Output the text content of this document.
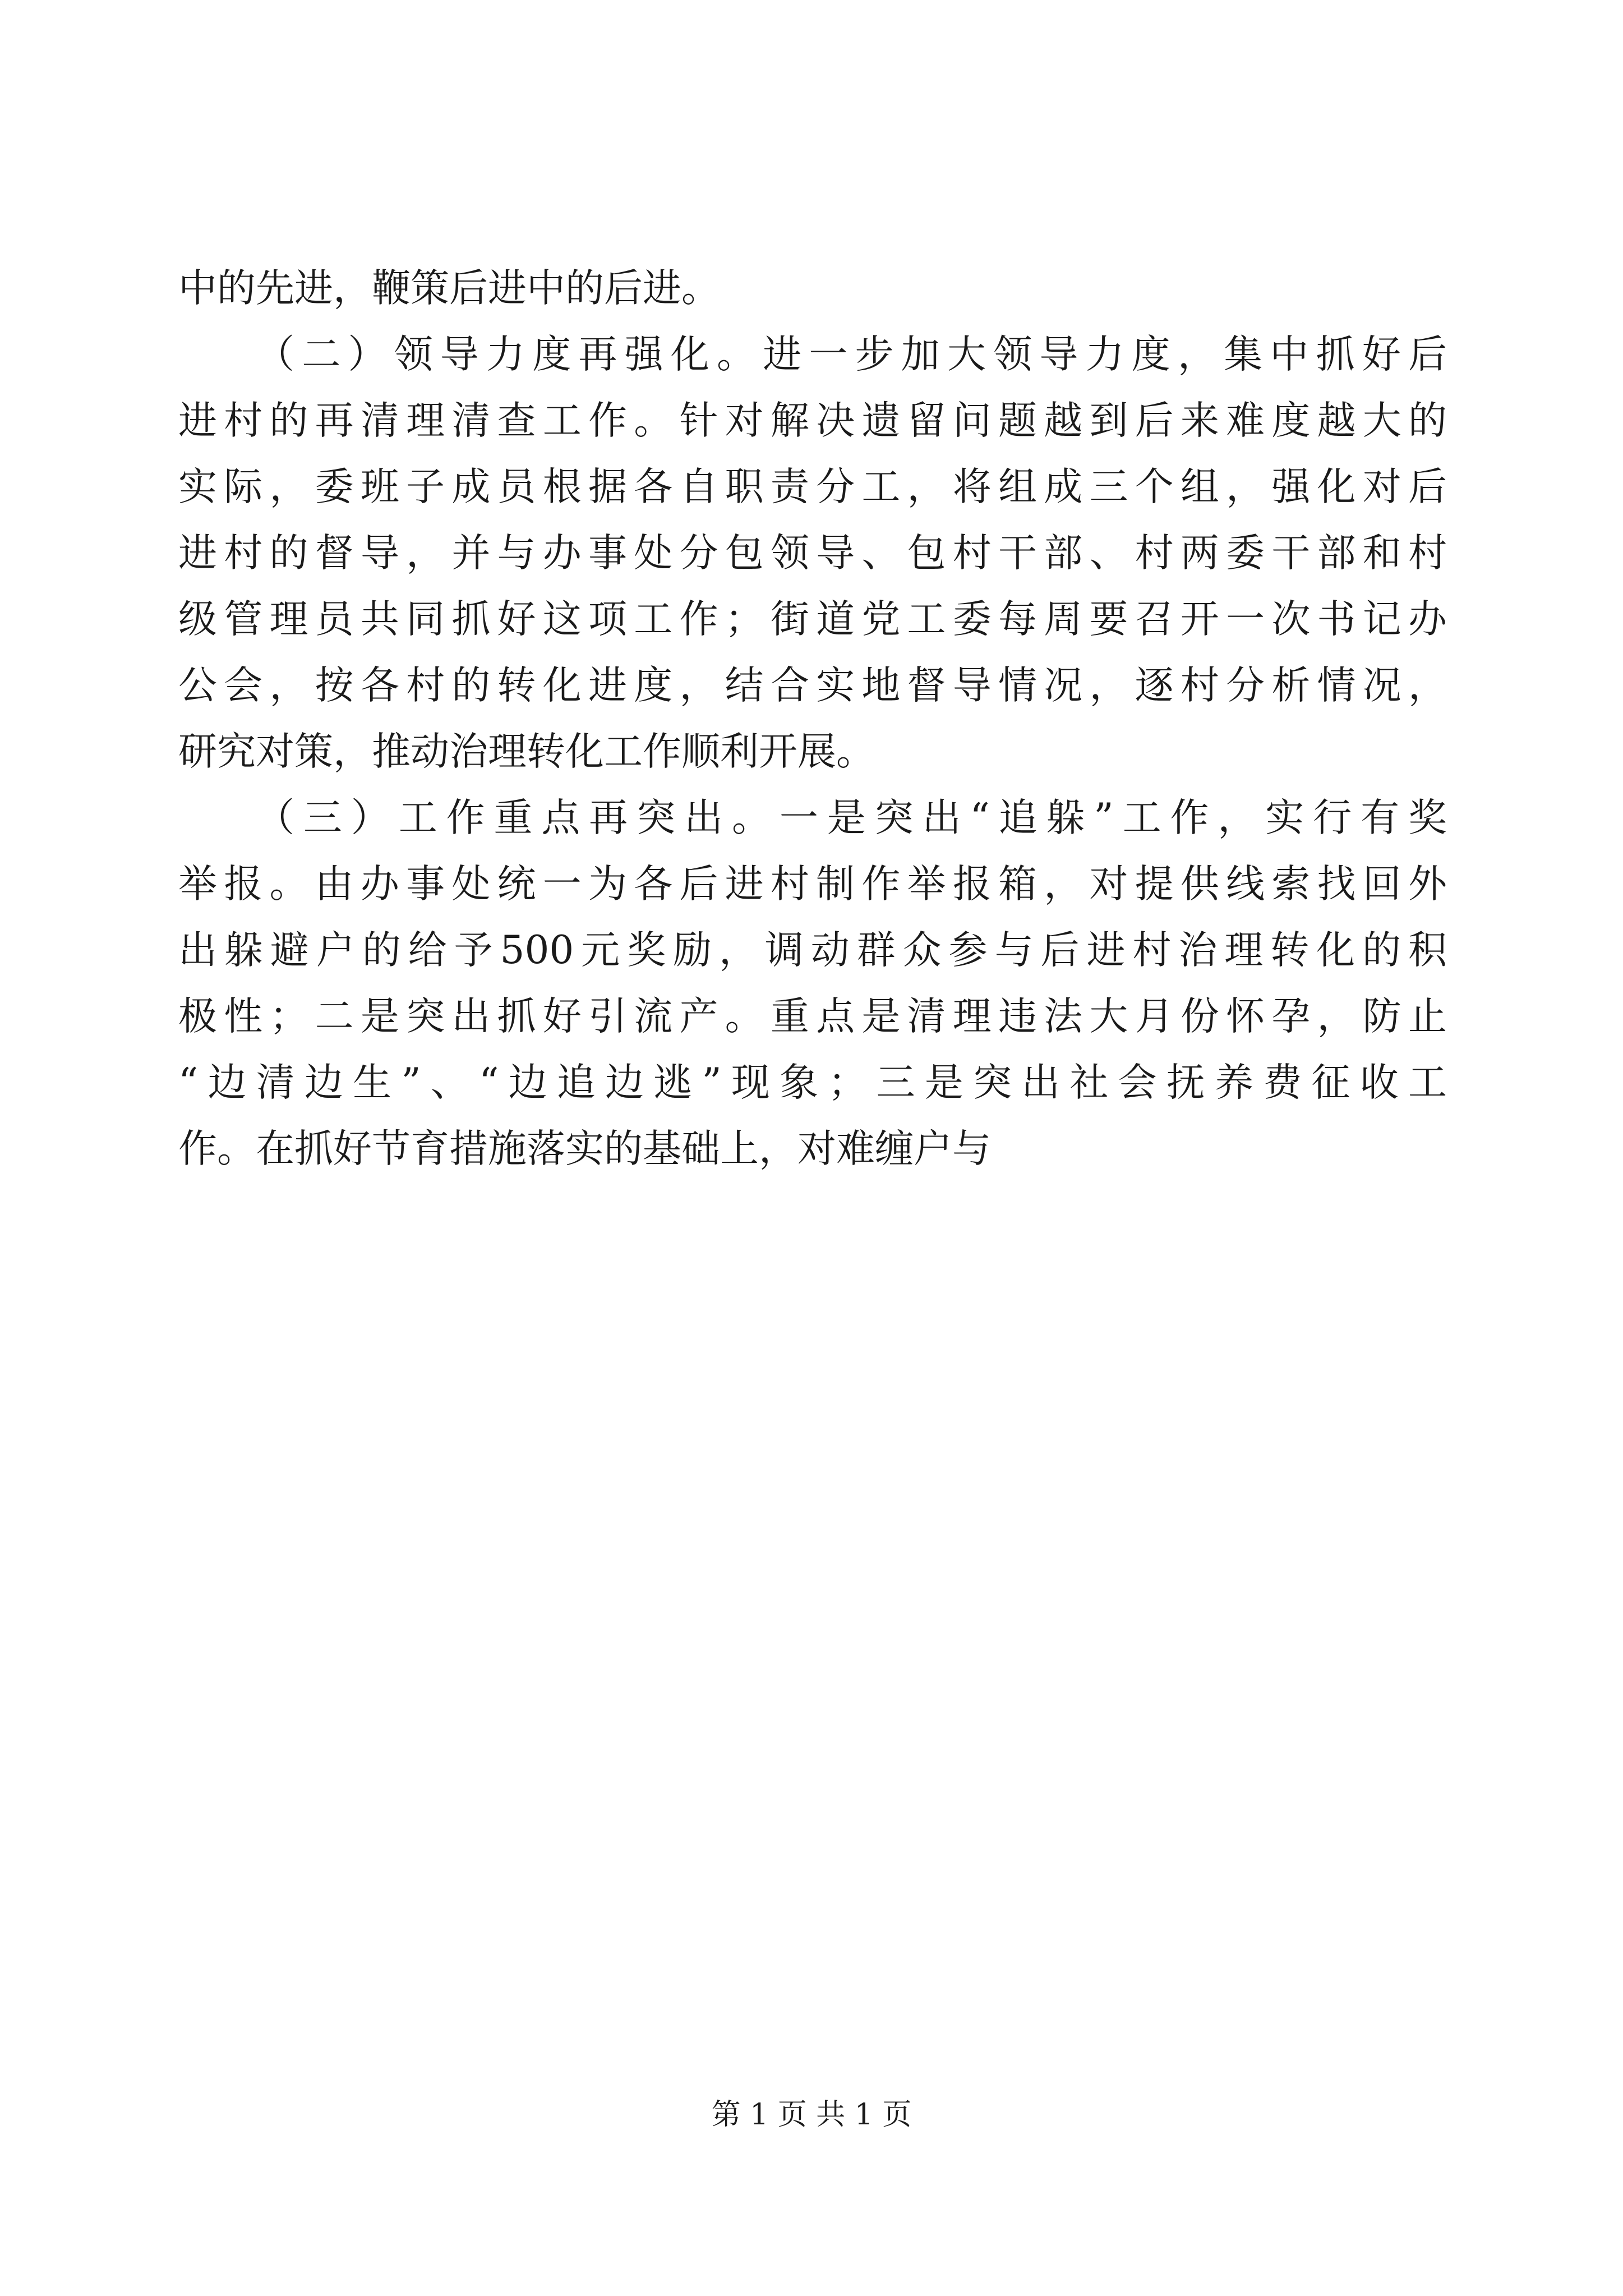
中的先进，鞭策后进中的后进。
（二）领导力度再强化。进一步加大领导力度，集中抓好后
进村的再清理清查工作。针对解决遗留问题越到后来难度越大的
实际，委班子成员根据各自职责分工，将组成三个组，强化对后
进村的督导，并与办事处分包领导、包村干部、村两委干部和村
级管理员共同抓好这项工作；街道党工委每周要召开一次书记办
公会，按各村的转化进度，结合实地督导情况，逐村分析情况，
研究对策，推动治理转化工作顺利开展。
（三）工作重点再突出。一是突出“追躲”工作，实行有奖
举报。由办事处统一为各后进村制作举报箱，对提供线索找回外
出躲避户的给予500元奖励，调动群众参与后进村治理转化的积
极性；二是突出抓好引流产。重点是清理违法大月份怀孕，防止
“边清边生”、“边追边逃”现象；三是突出社会抚养费征收工
作。在抓好节育措施落实的基础上，对难缠户与
第 1 页 共 1 页
